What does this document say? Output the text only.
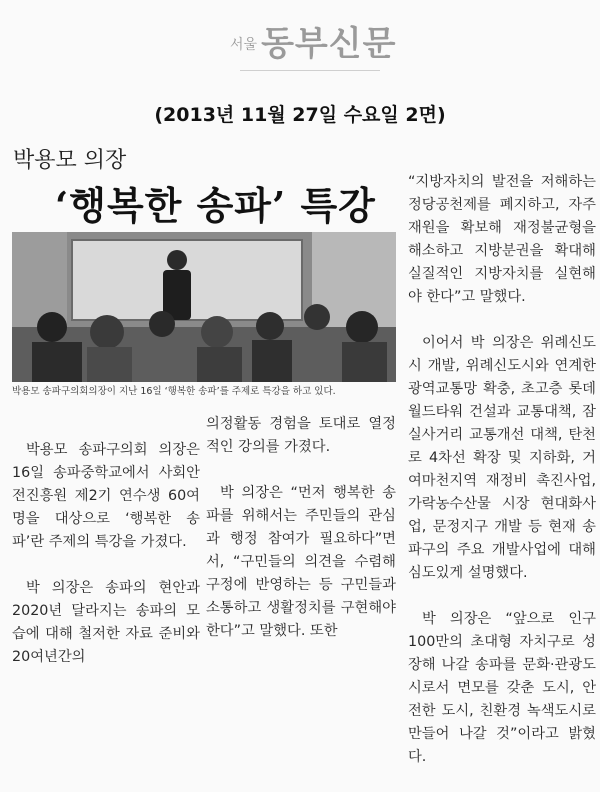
서울 동부신문
(2013년 11월 27일 수요일 2면)
박용모 의장
‘행복한 송파’ 특강
박용모 송파구의회의장이 지난 16일 ‘행복한 송파’를 주제로 특강을 하고 있다.

박용모 송파구의회 의장은 16일 송파중학교에서 사회안전진흥원 제2기 연수생 60여명을 대상으로 ‘행복한 송파’란 주제의 특강을 가졌다.

박 의장은 송파의 현안과 2020년 달라지는 송파의 모습에 대해 철저한 자료 준비와 20여년간의

의정활동 경험을 토대로 열정적인 강의를 가졌다.

박 의장은 “먼저 행복한 송파를 위해서는 주민들의 관심과 행정 참여가 필요하다”면서, “구민들의 의견을 수렴해 구정에 반영하는 등 구민들과 소통하고 생활정치를 구현해야 한다”고 말했다. 또한

“지방자치의 발전을 저해하는 정당공천제를 폐지하고, 자주재원을 확보해 재정불균형을 해소하고 지방분권을 확대해 실질적인 지방자치를 실현해야 한다”고 말했다.

이어서 박 의장은 위례신도시 개발, 위례신도시와 연계한 광역교통망 확충, 초고층 롯데월드타워 건설과 교통대책, 잠실사거리 교통개선 대책, 탄천로 4차선 확장 및 지하화, 거여마천지역 재정비 촉진사업, 가락농수산물 시장 현대화사업, 문정지구 개발 등 현재 송파구의 주요 개발사업에 대해 심도있게 설명했다.

박 의장은 “앞으로 인구 100만의 초대형 자치구로 성장해 나갈 송파를 문화·관광도시로서 면모를 갖춘 도시, 안전한 도시, 친환경 녹색도시로 만들어 나갈 것”이라고 밝혔다.
